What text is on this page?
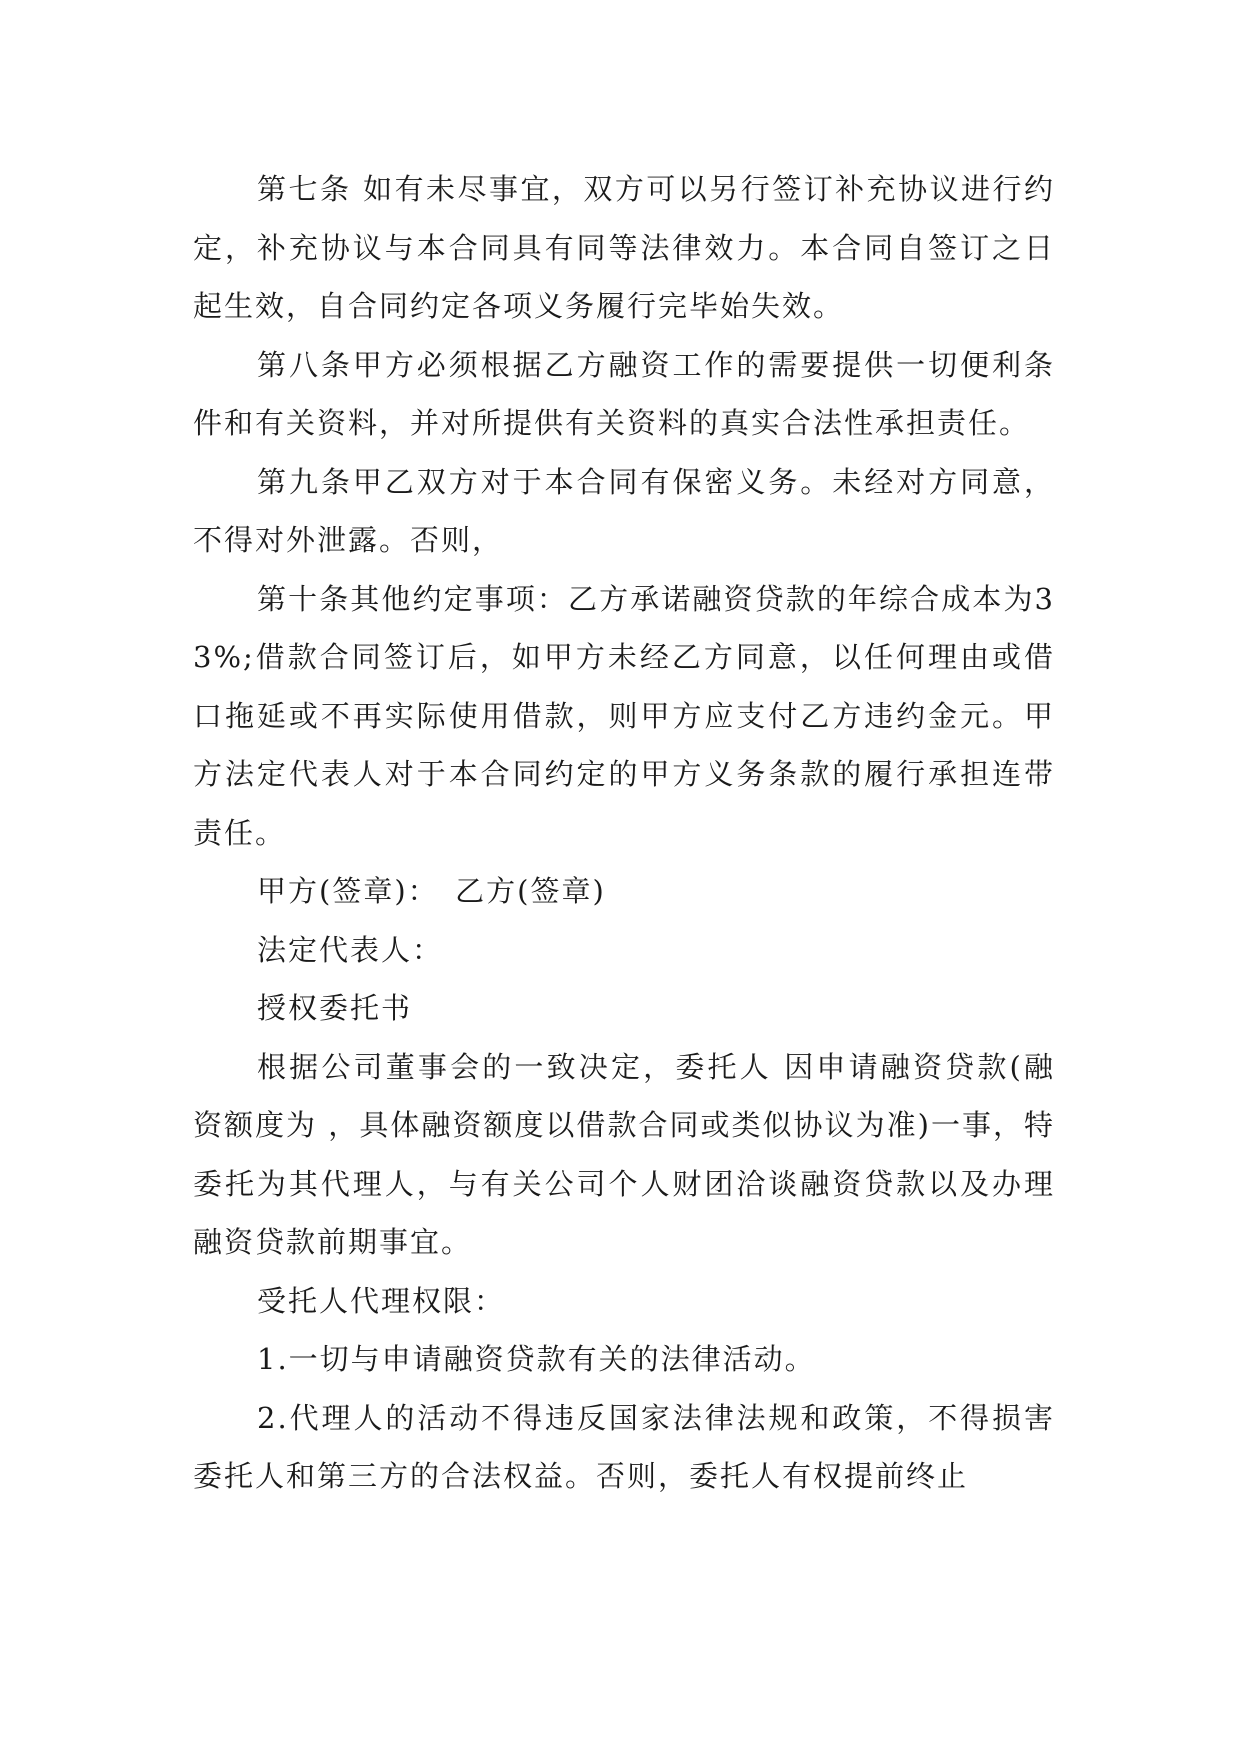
第七条 如有未尽事宜，双方可以另行签订补充协议进行约定，补充协议与本合同具有同等法律效力。本合同自签订之日起生效，自合同约定各项义务履行完毕始失效。

第八条甲方必须根据乙方融资工作的需要提供一切便利条件和有关资料，并对所提供有关资料的真实合法性承担责任。

第九条甲乙双方对于本合同有保密义务。未经对方同意，不得对外泄露。否则，

第十条其他约定事项：乙方承诺融资贷款的年综合成本为33%;借款合同签订后，如甲方未经乙方同意，以任何理由或借口拖延或不再实际使用借款，则甲方应支付乙方违约金元。甲方法定代表人对于本合同约定的甲方义务条款的履行承担连带责任。

甲方(签章)：　乙方(签章)

法定代表人：

授权委托书

根据公司董事会的一致决定，委托人 因申请融资贷款(融资额度为 ，具体融资额度以借款合同或类似协议为准)一事，特委托为其代理人，与有关公司个人财团洽谈融资贷款以及办理融资贷款前期事宜。

受托人代理权限：

1.一切与申请融资贷款有关的法律活动。

2.代理人的活动不得违反国家法律法规和政策，不得损害委托人和第三方的合法权益。否则，委托人有权提前终止
